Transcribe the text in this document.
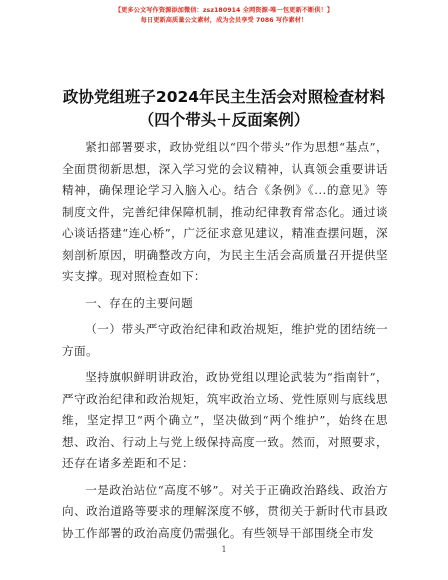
【更多公文写作资源添加微信：zsz180914 全网资源·唯一包更新不断供！】
每日更新高质量公文素材，成为会员享受 7086 写作素材！
政协党组班子2024年民主生活会对照检查材料
（四个带头＋反面案例）

紧扣部署要求，政协党组以“四个带头”作为思想“基点”，全面贯彻新思想，深入学习党的会议精神，认真领会重要讲话精神，确保理论学习入脑入心。结合《条例》《...的意见》等制度文件，完善纪律保障机制，推动纪律教育常态化。通过谈心谈话搭建“连心桥”，广泛征求意见建议，精准查摆问题，深刻剖析原因，明确整改方向，为民主生活会高质量召开提供坚实支撑。现对照检查如下：

一、存在的主要问题

（一）带头严守政治纪律和政治规矩，维护党的团结统一方面。

坚持旗帜鲜明讲政治，政协党组以理论武装为“指南针”，严守政治纪律和政治规矩，筑牢政治立场、党性原则与底线思维，坚定捍卫“两个确立”，坚决做到“两个维护”，始终在思想、政治、行动上与党上级保持高度一致。然而，对照要求，还存在诸多差距和不足：

一是政治站位“高度不够”。对关于正确政治路线、政治方向、政治道路等要求的理解深度不够，贯彻关于新时代市县政协工作部署的政治高度仍需强化。有些领导干部围绕全市发

1
